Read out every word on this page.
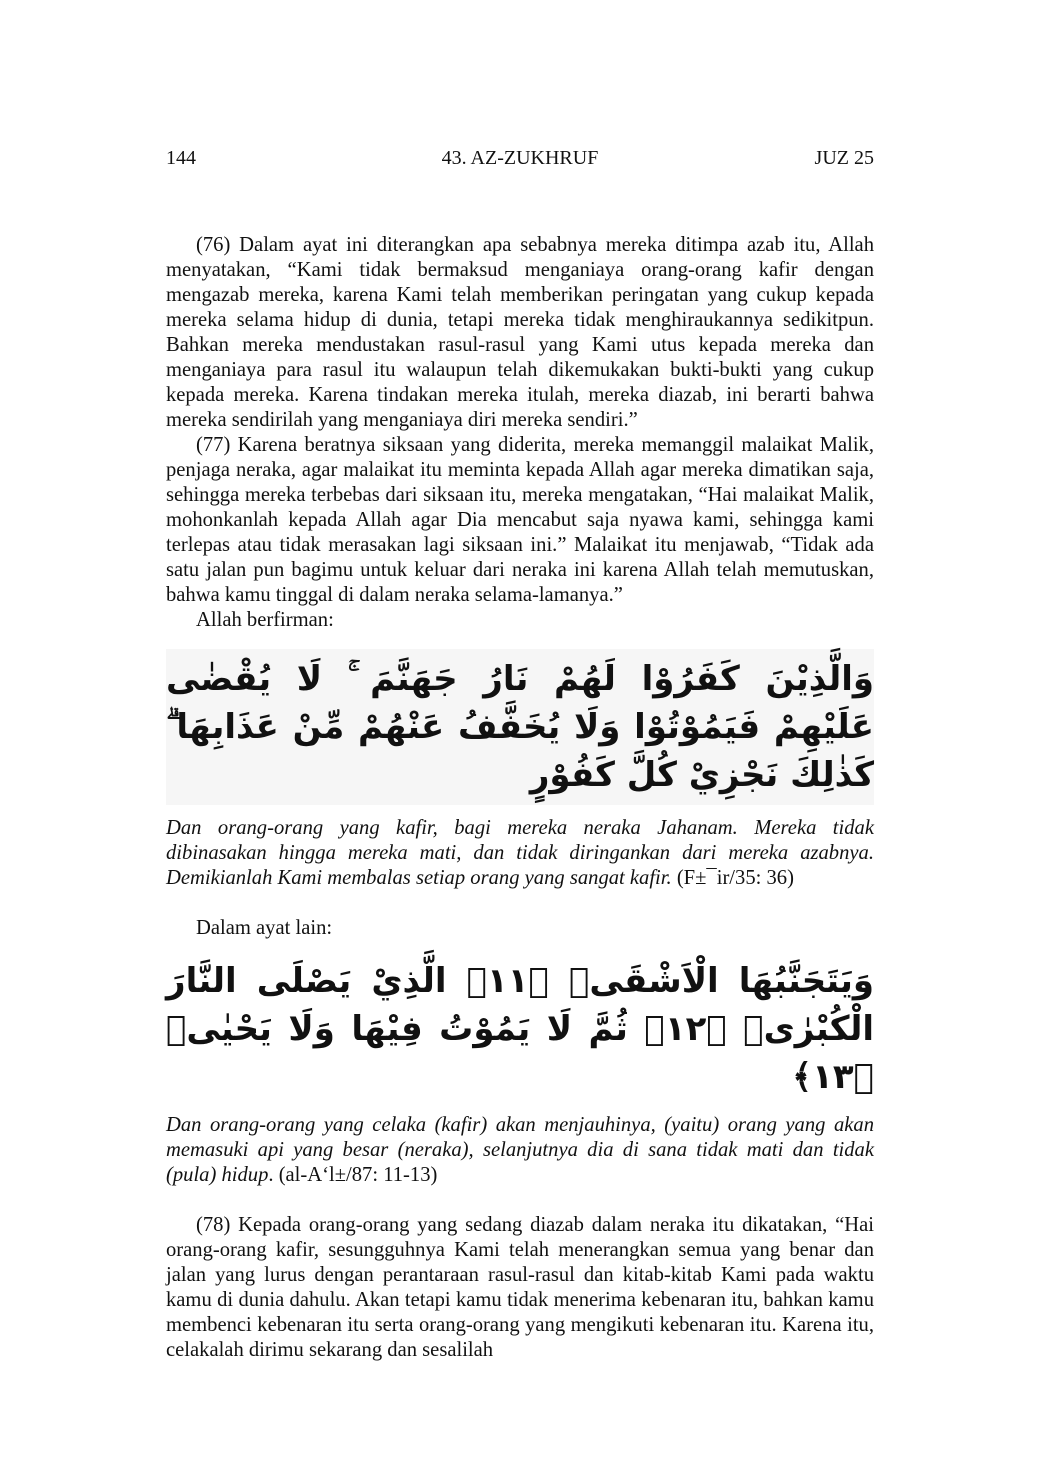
144	43. AZ-ZUKHRUF	JUZ 25

(76) Dalam ayat ini diterangkan apa sebabnya mereka ditimpa azab itu, Allah menyatakan, “Kami tidak bermaksud menganiaya orang-orang kafir dengan mengazab mereka, karena Kami telah memberikan peringatan yang cukup kepada mereka selama hidup di dunia, tetapi mereka tidak menghiraukannya sedikitpun. Bahkan mereka mendustakan rasul-rasul yang Kami utus kepada mereka dan menganiaya para rasul itu walaupun telah dikemukakan bukti-bukti yang cukup kepada mereka. Karena tindakan mereka itulah, mereka diazab, ini berarti bahwa mereka sendirilah yang menganiaya diri mereka sendiri.”

(77) Karena beratnya siksaan yang diderita, mereka memanggil malaikat Malik, penjaga neraka, agar malaikat itu meminta kepada Allah agar mereka dimatikan saja, sehingga mereka terbebas dari siksaan itu, mereka mengatakan, “Hai malaikat Malik, mohonkanlah kepada Allah agar Dia mencabut saja nyawa kami, sehingga kami terlepas atau tidak merasakan lagi siksaan ini.” Malaikat itu menjawab, “Tidak ada satu jalan pun bagimu untuk keluar dari neraka ini karena Allah telah memutuskan, bahwa kamu tinggal di dalam neraka selama-lamanya.”

Allah berfirman:

وَالَّذِيْنَ كَفَرُوْا لَهُمْ نَارُ جَهَنَّمَ ۚ لَا يُقْضٰى عَلَيْهِمْ فَيَمُوْتُوْا وَلَا يُخَفَّفُ عَنْهُمْ مِّنْ عَذَابِهَا ۗ كَذٰلِكَ نَجْزِيْ كُلَّ كَفُوْرٍ

Dan orang-orang yang kafir, bagi mereka neraka Jahanam. Mereka tidak dibinasakan hingga mereka mati, dan tidak diringankan dari mereka azabnya. Demikianlah Kami membalas setiap orang yang sangat kafir. (F±¯ir/35: 36)

Dalam ayat lain:

وَيَتَجَنَّبُهَا الْاَشْقَىۙ ﴿١١﴾ الَّذِيْ يَصْلَى النَّارَ الْكُبْرٰىۚ ﴿١٢﴾ ثُمَّ لَا يَمُوْتُ فِيْهَا وَلَا يَحْيٰىۗ ﴿١٣﴾

Dan orang-orang yang celaka (kafir) akan menjauhinya, (yaitu) orang yang akan memasuki api yang besar (neraka), selanjutnya dia di sana tidak mati dan tidak (pula) hidup. (al-A‘l±/87: 11-13)

(78) Kepada orang-orang yang sedang diazab dalam neraka itu dikatakan, “Hai orang-orang kafir, sesungguhnya Kami telah menerangkan semua yang benar dan jalan yang lurus dengan perantaraan rasul-rasul dan kitab-kitab Kami pada waktu kamu di dunia dahulu. Akan tetapi kamu tidak menerima kebenaran itu, bahkan kamu membenci kebenaran itu serta orang-orang yang mengikuti kebenaran itu. Karena itu, celakalah dirimu sekarang dan sesalilah
